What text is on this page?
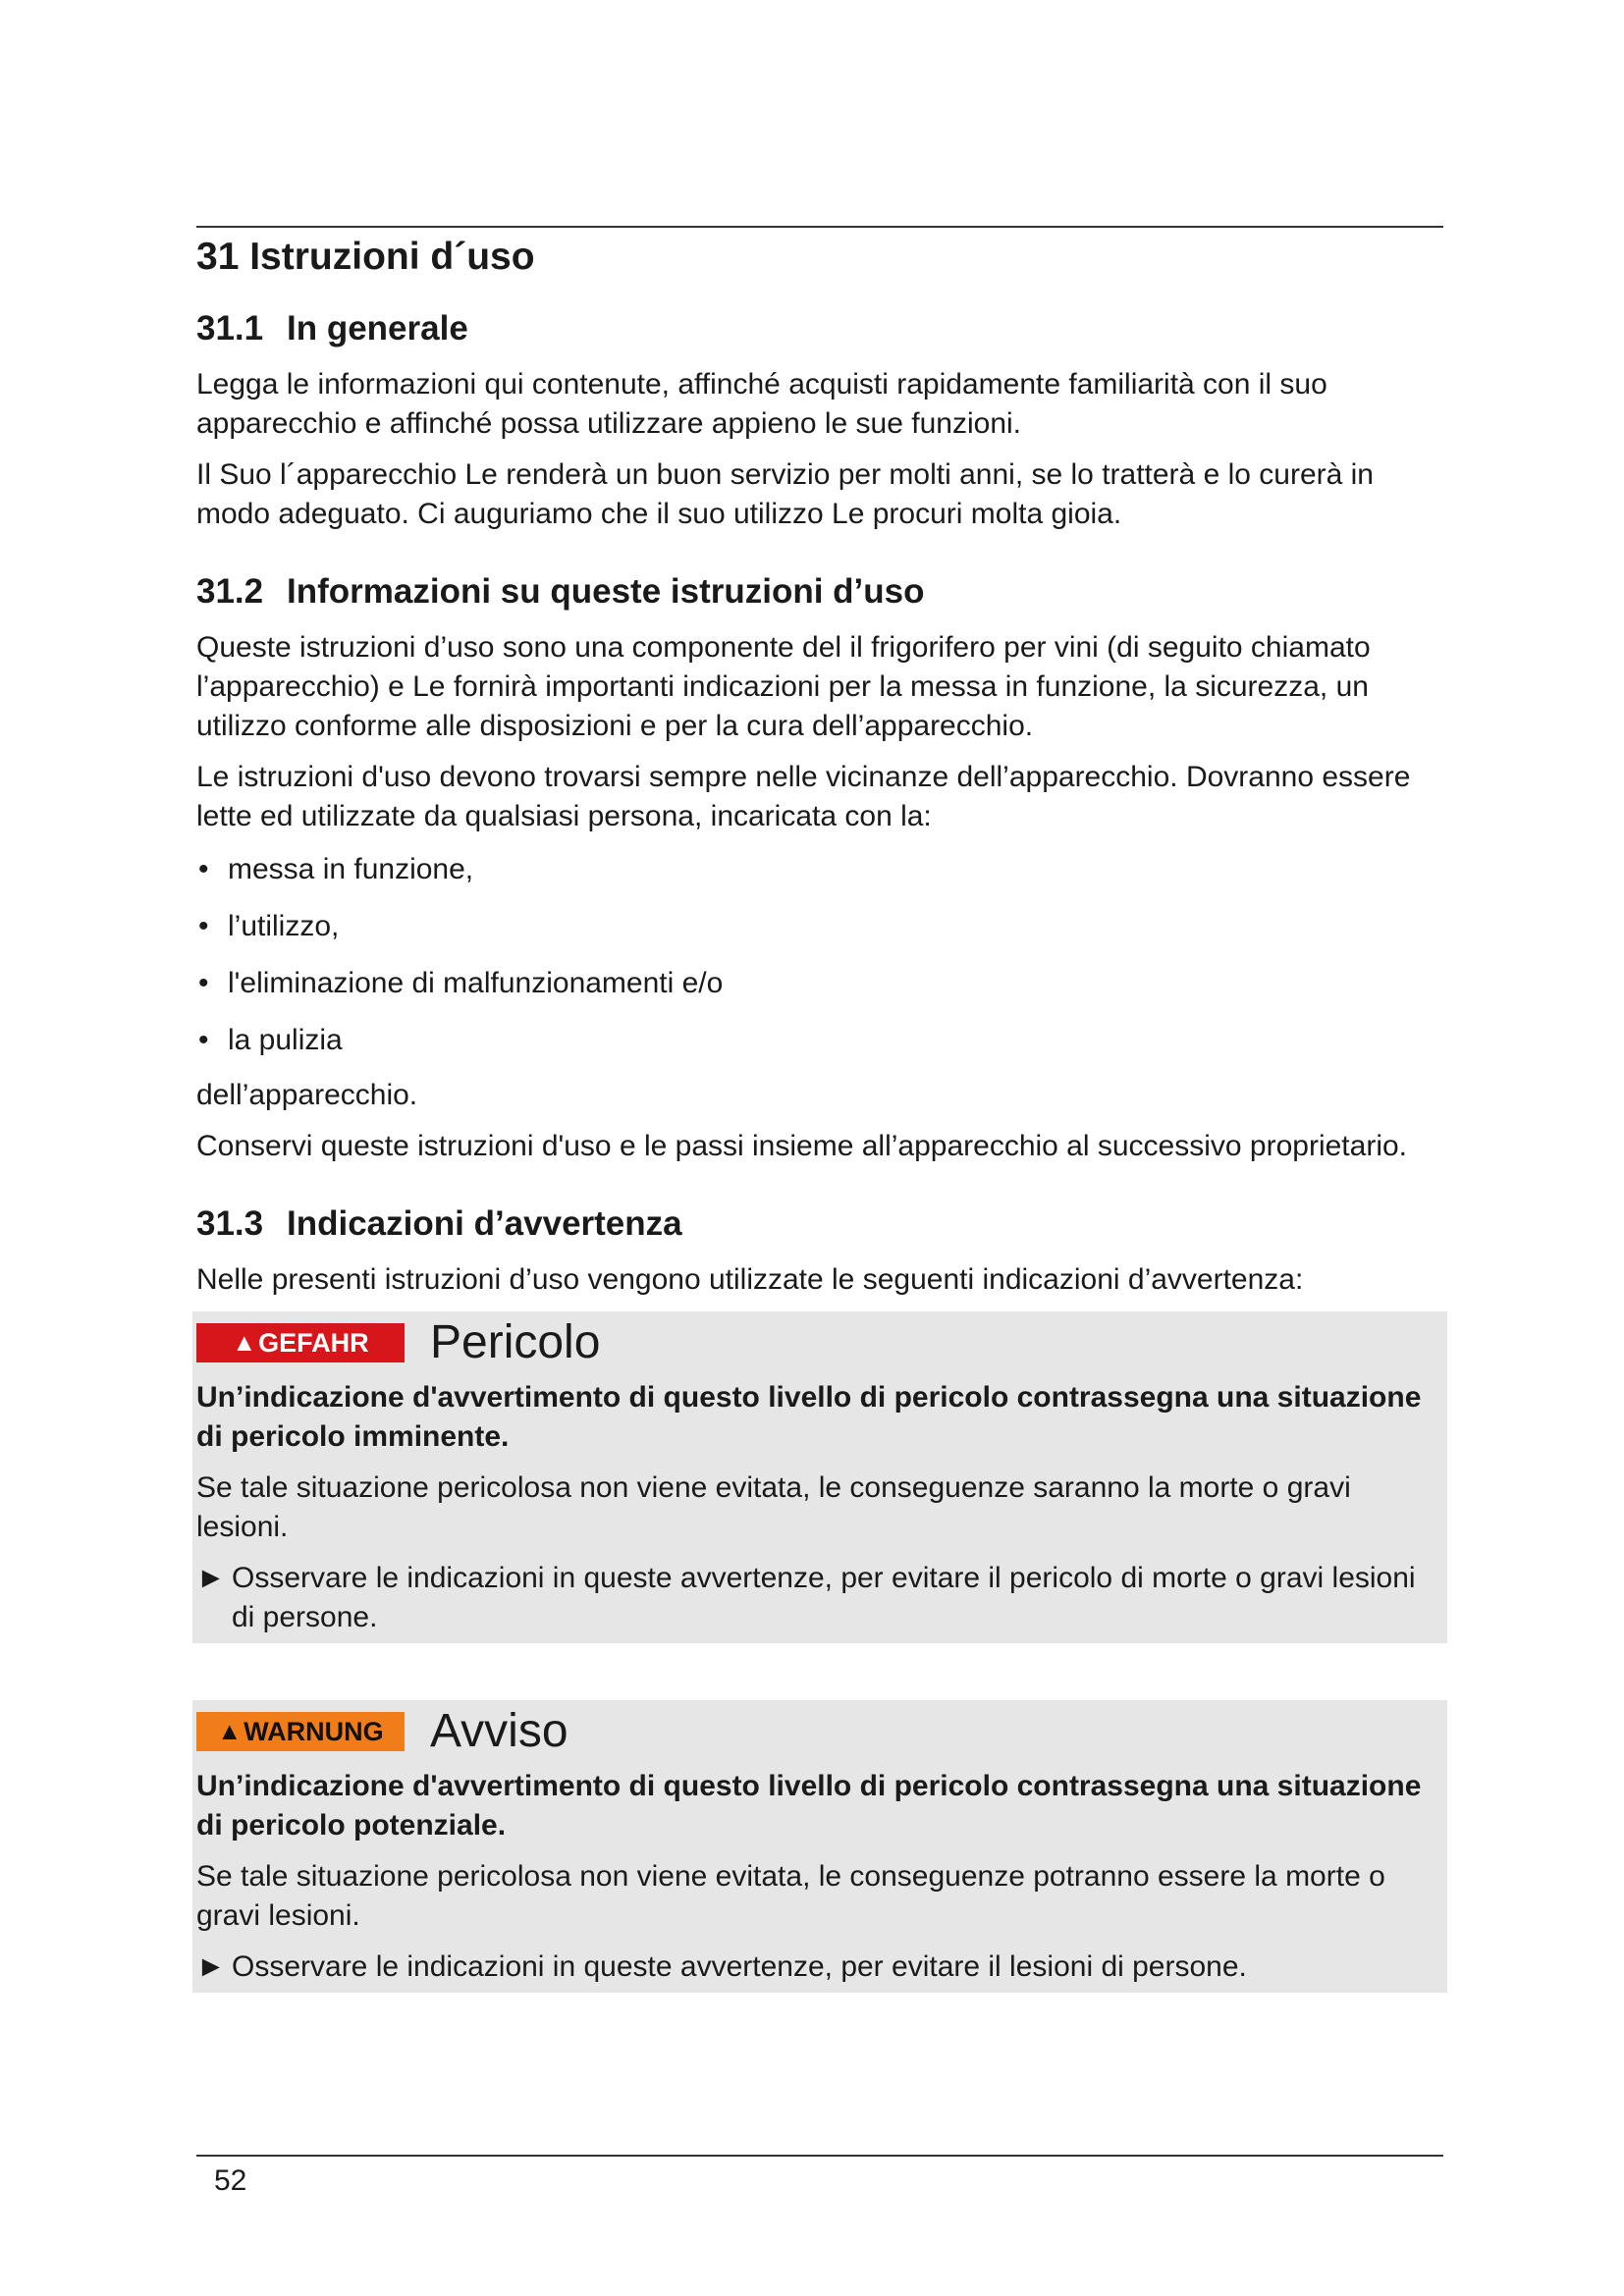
31 Istruzioni d´uso
31.1 In generale

Legga le informazioni qui contenute, affinché acquisti rapidamente familiarità con il suo apparecchio e affinché possa utilizzare appieno le sue funzioni.

Il Suo l´apparecchio Le renderà un buon servizio per molti anni, se lo tratterà e lo curerà in modo adeguato. Ci auguriamo che il suo utilizzo Le procuri molta gioia.

31.2 Informazioni su queste istruzioni d’uso

Queste istruzioni d’uso sono una componente del il frigorifero per vini (di seguito chiamato l’apparecchio) e Le fornirà importanti indicazioni per la messa in funzione, la sicurezza, un utilizzo conforme alle disposizioni e per la cura dell’apparecchio.

Le istruzioni d'uso devono trovarsi sempre nelle vicinanze dell’apparecchio. Dovranno essere lette ed utilizzate da qualsiasi persona, incaricata con la:

• messa in funzione,
• l’utilizzo,
• l'eliminazione di malfunzionamenti e/o
• la pulizia

dell’apparecchio.

Conservi queste istruzioni d'uso e le passi insieme all’apparecchio al successivo proprietario.

31.3 Indicazioni d’avvertenza

Nelle presenti istruzioni d’uso vengono utilizzate le seguenti indicazioni d’avvertenza:

▲ GEFAHR Pericolo

Un’indicazione d'avvertimento di questo livello di pericolo contrassegna una situazione di pericolo imminente.

Se tale situazione pericolosa non viene evitata, le conseguenze saranno la morte o gravi lesioni.

► Osservare le indicazioni in queste avvertenze, per evitare il pericolo di morte o gravi lesioni di persone.

▲ WARNUNG Avviso

Un’indicazione d'avvertimento di questo livello di pericolo contrassegna una situazione di pericolo potenziale.

Se tale situazione pericolosa non viene evitata, le conseguenze potranno essere la morte o gravi lesioni.

► Osservare le indicazioni in queste avvertenze, per evitare il lesioni di persone.

52
